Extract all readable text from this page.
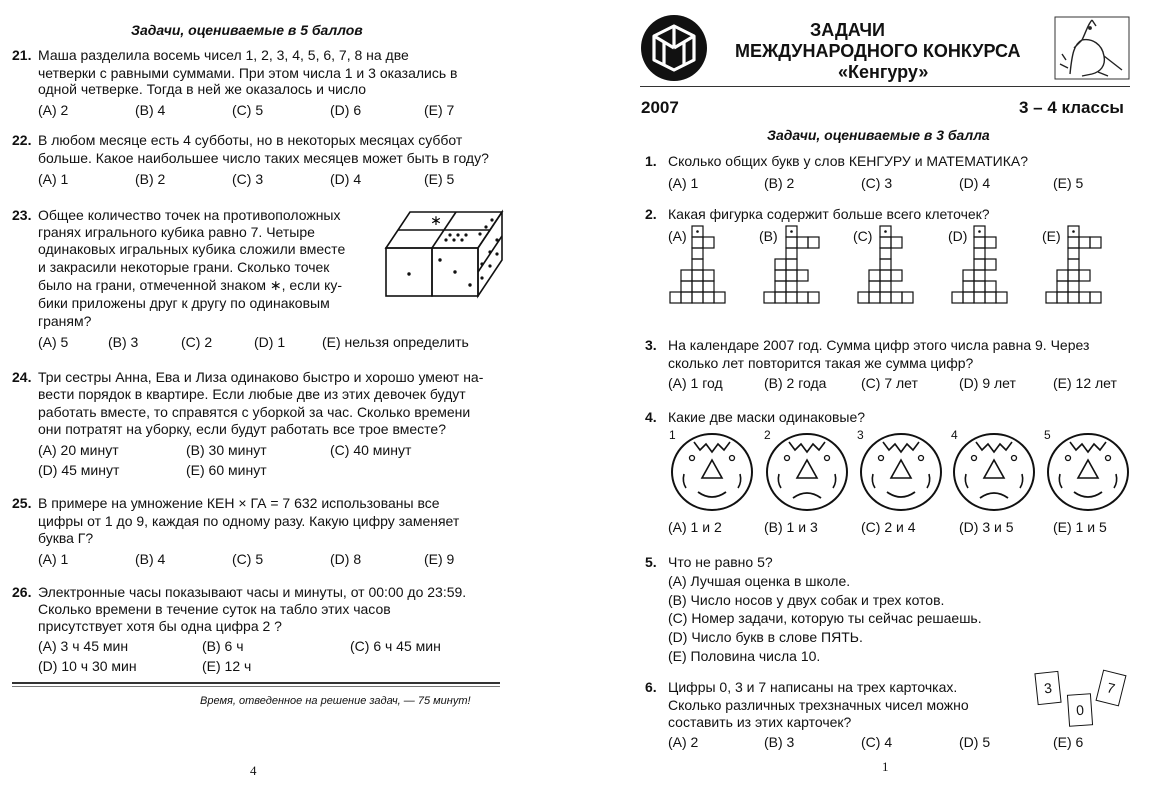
Задачи, оцениваемые в 5 баллов
21. Маша разделила восемь чисел 1, 2, 3, 4, 5, 6, 7, 8 на две
четверки с равными суммами. При этом числа 1 и 3 оказались в
одной четверке. Тогда в ней же оказалось и число
(A) 2	(B) 4	(C) 5	(D) 6	(E) 7
22. В любом месяце есть 4 субботы, но в некоторых месяцах суббот
больше. Какое наибольшее число таких месяцев может быть в году?
(A) 1	(B) 2	(C) 3	(D) 4	(E) 5
23. Общее количество точек на противоположных
гранях игрального кубика равно 7. Четыре
одинаковых игральных кубика сложили вместе
и закрасили некоторые грани. Сколько точек
было на грани, отмеченной знаком ∗, если ку-
бики приложены друг к другу по одинаковым
граням?
∗
(A) 5	(B) 3	(C) 2	(D) 1	(E) нельзя определить
24. Три сестры Анна, Ева и Лиза одинаково быстро и хорошо умеют на-
вести порядок в квартире. Если любые две из этих девочек будут
работать вместе, то справятся с уборкой за час. Сколько времени
они потратят на уборку, если будут работать все трое вместе?
(A) 20 минут	(B) 30 минут	(C) 40 минут
(D) 45 минут	(E) 60 минут
25. В примере на умножение КЕН × ГА = 7 632 использованы все
цифры от 1 до 9, каждая по одному разу. Какую цифру заменяет
буква Г?
(A) 1	(B) 4	(C) 5	(D) 8	(E) 9
26. Электронные часы показывают часы и минуты, от 00:00 до 23:59.
Сколько времени в течение суток на табло этих часов
присутствует хотя бы одна цифра 2 ?
(A) 3 ч 45 мин	(B) 6 ч	(C) 6 ч 45 мин
(D) 10 ч 30 мин	(E) 12 ч
Время, отведенное на решение задач, — 75 минут!
4
ЗАДАЧИ
МЕЖДУНАРОДНОГО КОНКУРСА
«Кенгуру»
2007	3 – 4 классы
Задачи, оцениваемые в 3 балла
1. Сколько общих букв у слов КЕНГУРУ и МАТЕМАТИКА?
(A) 1	(B) 2	(C) 3	(D) 4	(E) 5
2. Какая фигурка содержит больше всего клеточек?
(A)	(B)	(C)	(D)	(E)
3. На календаре 2007 год. Сумма цифр этого числа равна 9. Через
сколько лет повторится такая же сумма цифр?
(A) 1 год	(B) 2 года (C) 7 лет	(D) 9 лет	(E) 12 лет
4. Какие две маски одинаковые?
1	2	3	4	5
(A) 1 и 2	(B) 1 и 3	(C) 2 и 4	(D) 3 и 5	(E) 1 и 5
5. Что не равно 5?
(A) Лучшая оценка в школе.
(B) Число носов у двух собак и трех котов.
(C) Номер задачи, которую ты сейчас решаешь.
(D) Число букв в слове ПЯТЬ.
(E) Половина числа 10.
6. Цифры 0, 3 и 7 написаны на трех карточках.
Сколько различных трехзначных чисел можно
составить из этих карточек?
3
0
7
(A) 2	(B) 3	(C) 4	(D) 5	(E) 6
1
